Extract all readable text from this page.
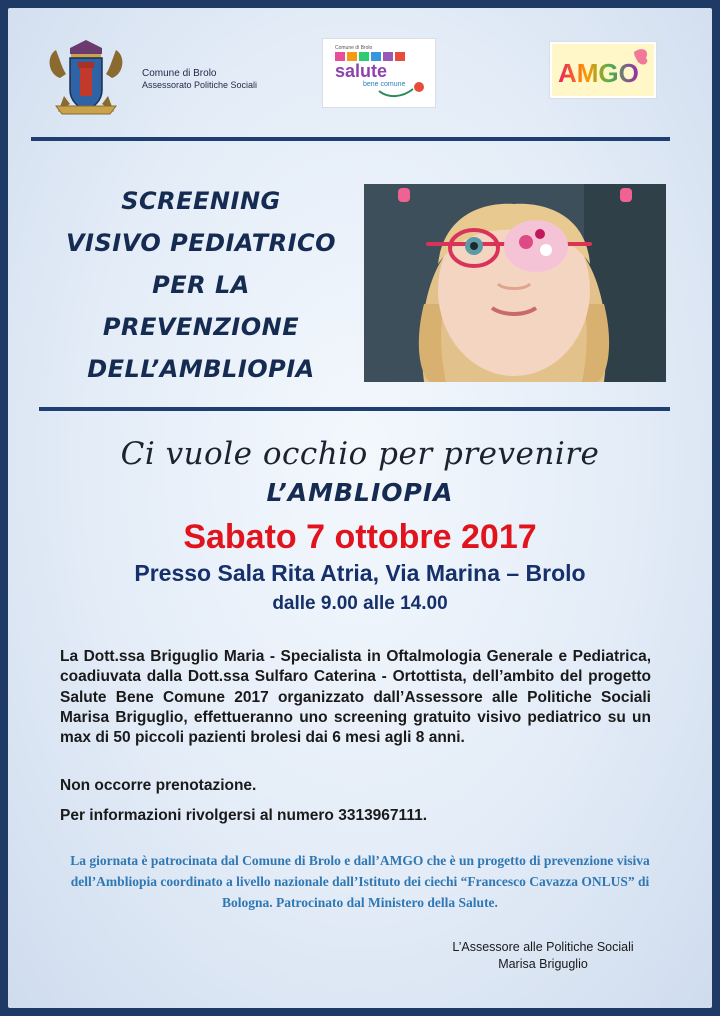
Comune di Brolo
Assessorato Politiche Sociali
Comune di Brolo
salute
bene comune	AMGO
SCREENING
VISIVO PEDIATRICO
PER LA
PREVENZIONE
DELL’AMBLIOPIA
Ci vuole occhio per prevenire
L’AMBLIOPIA
Sabato 7 ottobre 2017
Presso Sala Rita Atria, Via Marina – Brolo
dalle 9.00 alle 14.00
La Dott.ssa Briguglio Maria - Specialista in Oftalmologia Generale e Pediatrica, coadiuvata dalla Dott.ssa Sulfaro Caterina - Ortottista, dell’ambito del progetto Salute Bene Comune 2017 organizzato dall’Assessore alle Politiche Sociali Marisa Briguglio, effettueranno uno screening gratuito visivo pediatrico su un max di 50 piccoli pazienti brolesi dai 6 mesi agli 8 anni.
Non occorre prenotazione.
Per informazioni rivolgersi al numero 3313967111.
La giornata è patrocinata dal Comune di Brolo e dall’AMGO che è un progetto di prevenzione visiva dell’Ambliopia coordinato a livello nazionale dall’Istituto dei ciechi “Francesco Cavazza ONLUS” di Bologna. Patrocinato dal Ministero della Salute.
L’Assessore alle Politiche Sociali
Marisa Briguglio
